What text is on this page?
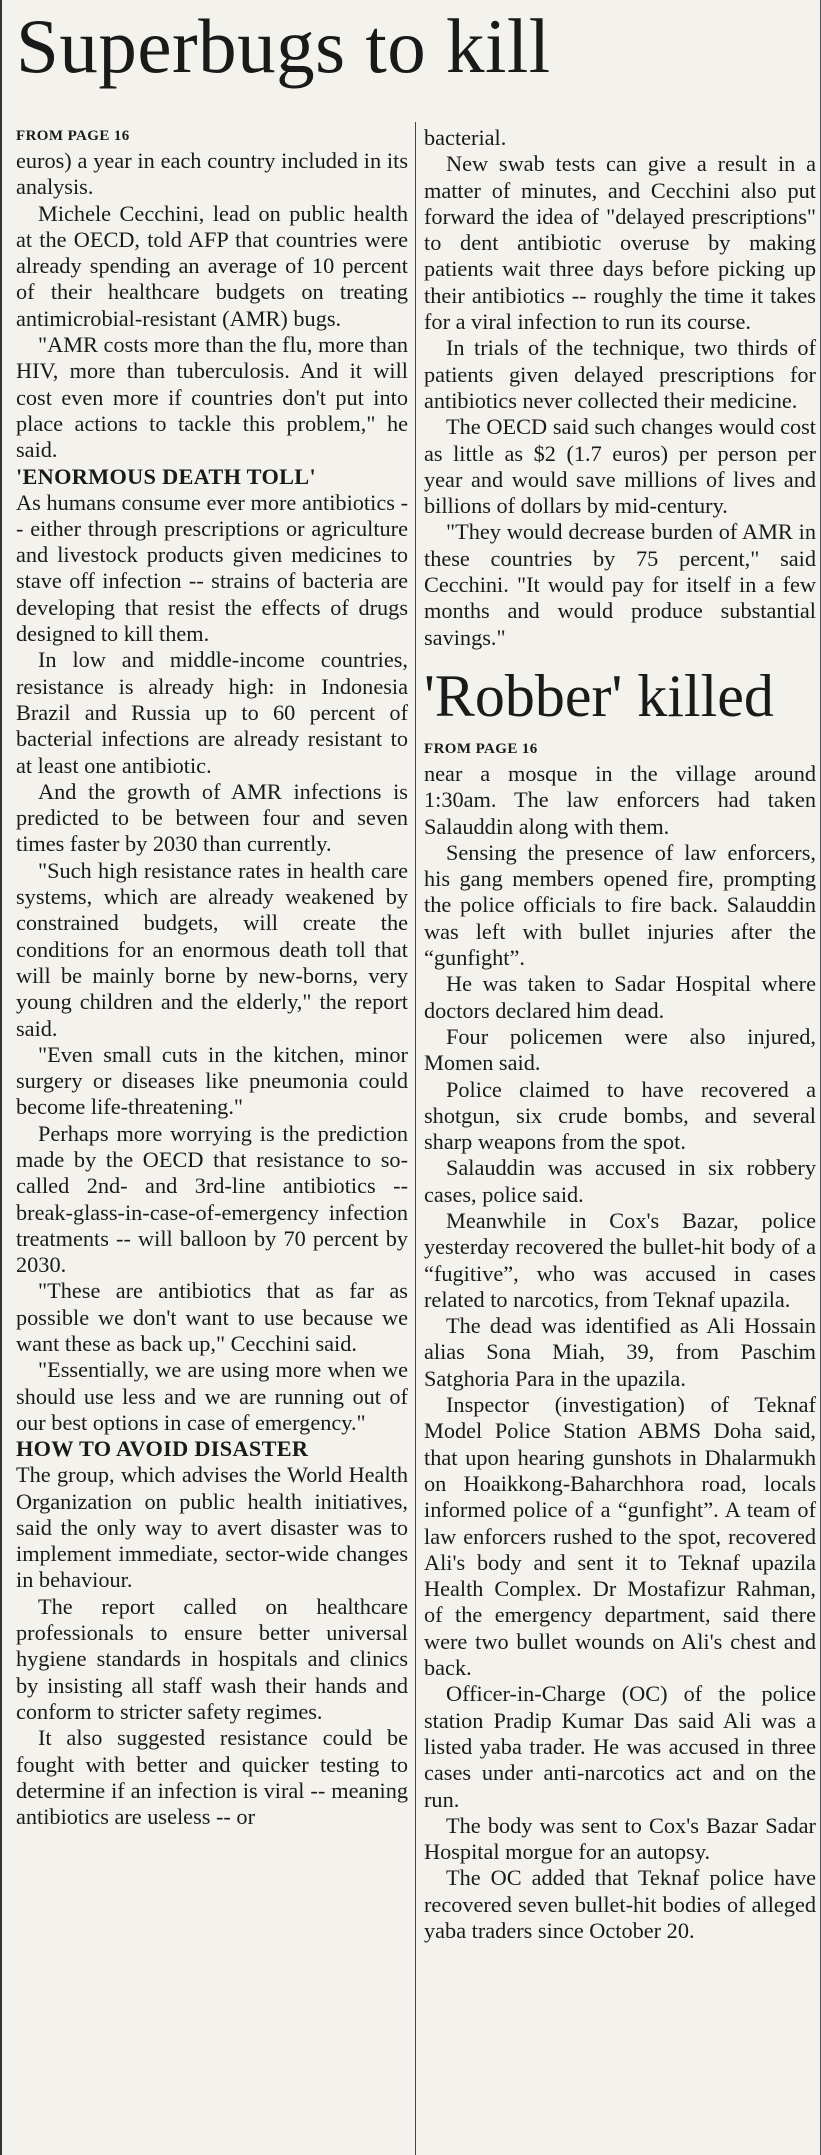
Superbugs to kill
FROM PAGE 16

euros) a year in each country included in its analysis.

Michele Cecchini, lead on public health at the OECD, told AFP that countries were already spending an average of 10 percent of their healthcare budgets on treating antimicrobial-resistant (AMR) bugs.

"AMR costs more than the flu, more than HIV, more than tuberculosis. And it will cost even more if countries don't put into place actions to tackle this problem," he said.

'ENORMOUS DEATH TOLL'

As humans consume ever more antibiotics -- either through prescriptions or agriculture and livestock products given medicines to stave off infection -- strains of bacteria are developing that resist the effects of drugs designed to kill them.

In low and middle-income countries, resistance is already high: in Indonesia Brazil and Russia up to 60 percent of bacterial infections are already resistant to at least one antibiotic.

And the growth of AMR infections is predicted to be between four and seven times faster by 2030 than currently.

"Such high resistance rates in health care systems, which are already weakened by constrained budgets, will create the conditions for an enormous death toll that will be mainly borne by new-borns, very young children and the elderly," the report said.

"Even small cuts in the kitchen, minor surgery or diseases like pneumonia could become life-threatening."

Perhaps more worrying is the prediction made by the OECD that resistance to so-called 2nd- and 3rd-line antibiotics -- break-glass-in-case-of-emergency infection treatments -- will balloon by 70 percent by 2030.

"These are antibiotics that as far as possible we don't want to use because we want these as back up," Cecchini said.

"Essentially, we are using more when we should use less and we are running out of our best options in case of emergency."

HOW TO AVOID DISASTER

The group, which advises the World Health Organization on public health initiatives, said the only way to avert disaster was to implement immediate, sector-wide changes in behaviour.

The report called on healthcare professionals to ensure better universal hygiene standards in hospitals and clinics by insisting all staff wash their hands and conform to stricter safety regimes.

It also suggested resistance could be fought with better and quicker testing to determine if an infection is viral -- meaning antibiotics are useless -- or

bacterial.

New swab tests can give a result in a matter of minutes, and Cecchini also put forward the idea of "delayed prescriptions" to dent antibiotic overuse by making patients wait three days before picking up their antibiotics -- roughly the time it takes for a viral infection to run its course.

In trials of the technique, two thirds of patients given delayed prescriptions for antibiotics never collected their medicine.

The OECD said such changes would cost as little as $2 (1.7 euros) per person per year and would save millions of lives and billions of dollars by mid-century.

"They would decrease burden of AMR in these countries by 75 percent," said Cecchini. "It would pay for itself in a few months and would produce substantial savings."

'Robber' killed
FROM PAGE 16

near a mosque in the village around 1:30am. The law enforcers had taken Salauddin along with them.

Sensing the presence of law enforcers, his gang members opened fire, prompting the police officials to fire back. Salauddin was left with bullet injuries after the “gunfight”.

He was taken to Sadar Hospital where doctors declared him dead.

Four policemen were also injured, Momen said.

Police claimed to have recovered a shotgun, six crude bombs, and several sharp weapons from the spot.

Salauddin was accused in six robbery cases, police said.

Meanwhile in Cox's Bazar, police yesterday recovered the bullet-hit body of a “fugitive”, who was accused in cases related to narcotics, from Teknaf upazila.

The dead was identified as Ali Hossain alias Sona Miah, 39, from Paschim Satghoria Para in the upazila.

Inspector (investigation) of Teknaf Model Police Station ABMS Doha said, that upon hearing gunshots in Dhalarmukh on Hoaikkong-Baharchhora road, locals informed police of a “gunfight”. A team of law enforcers rushed to the spot, recovered Ali's body and sent it to Teknaf upazila Health Complex. Dr Mostafizur Rahman, of the emergency department, said there were two bullet wounds on Ali's chest and back.

Officer-in-Charge (OC) of the police station Pradip Kumar Das said Ali was a listed yaba trader. He was accused in three cases under anti-narcotics act and on the run.

The body was sent to Cox's Bazar Sadar Hospital morgue for an autopsy.

The OC added that Teknaf police have recovered seven bullet-hit bodies of alleged yaba traders since October 20.
